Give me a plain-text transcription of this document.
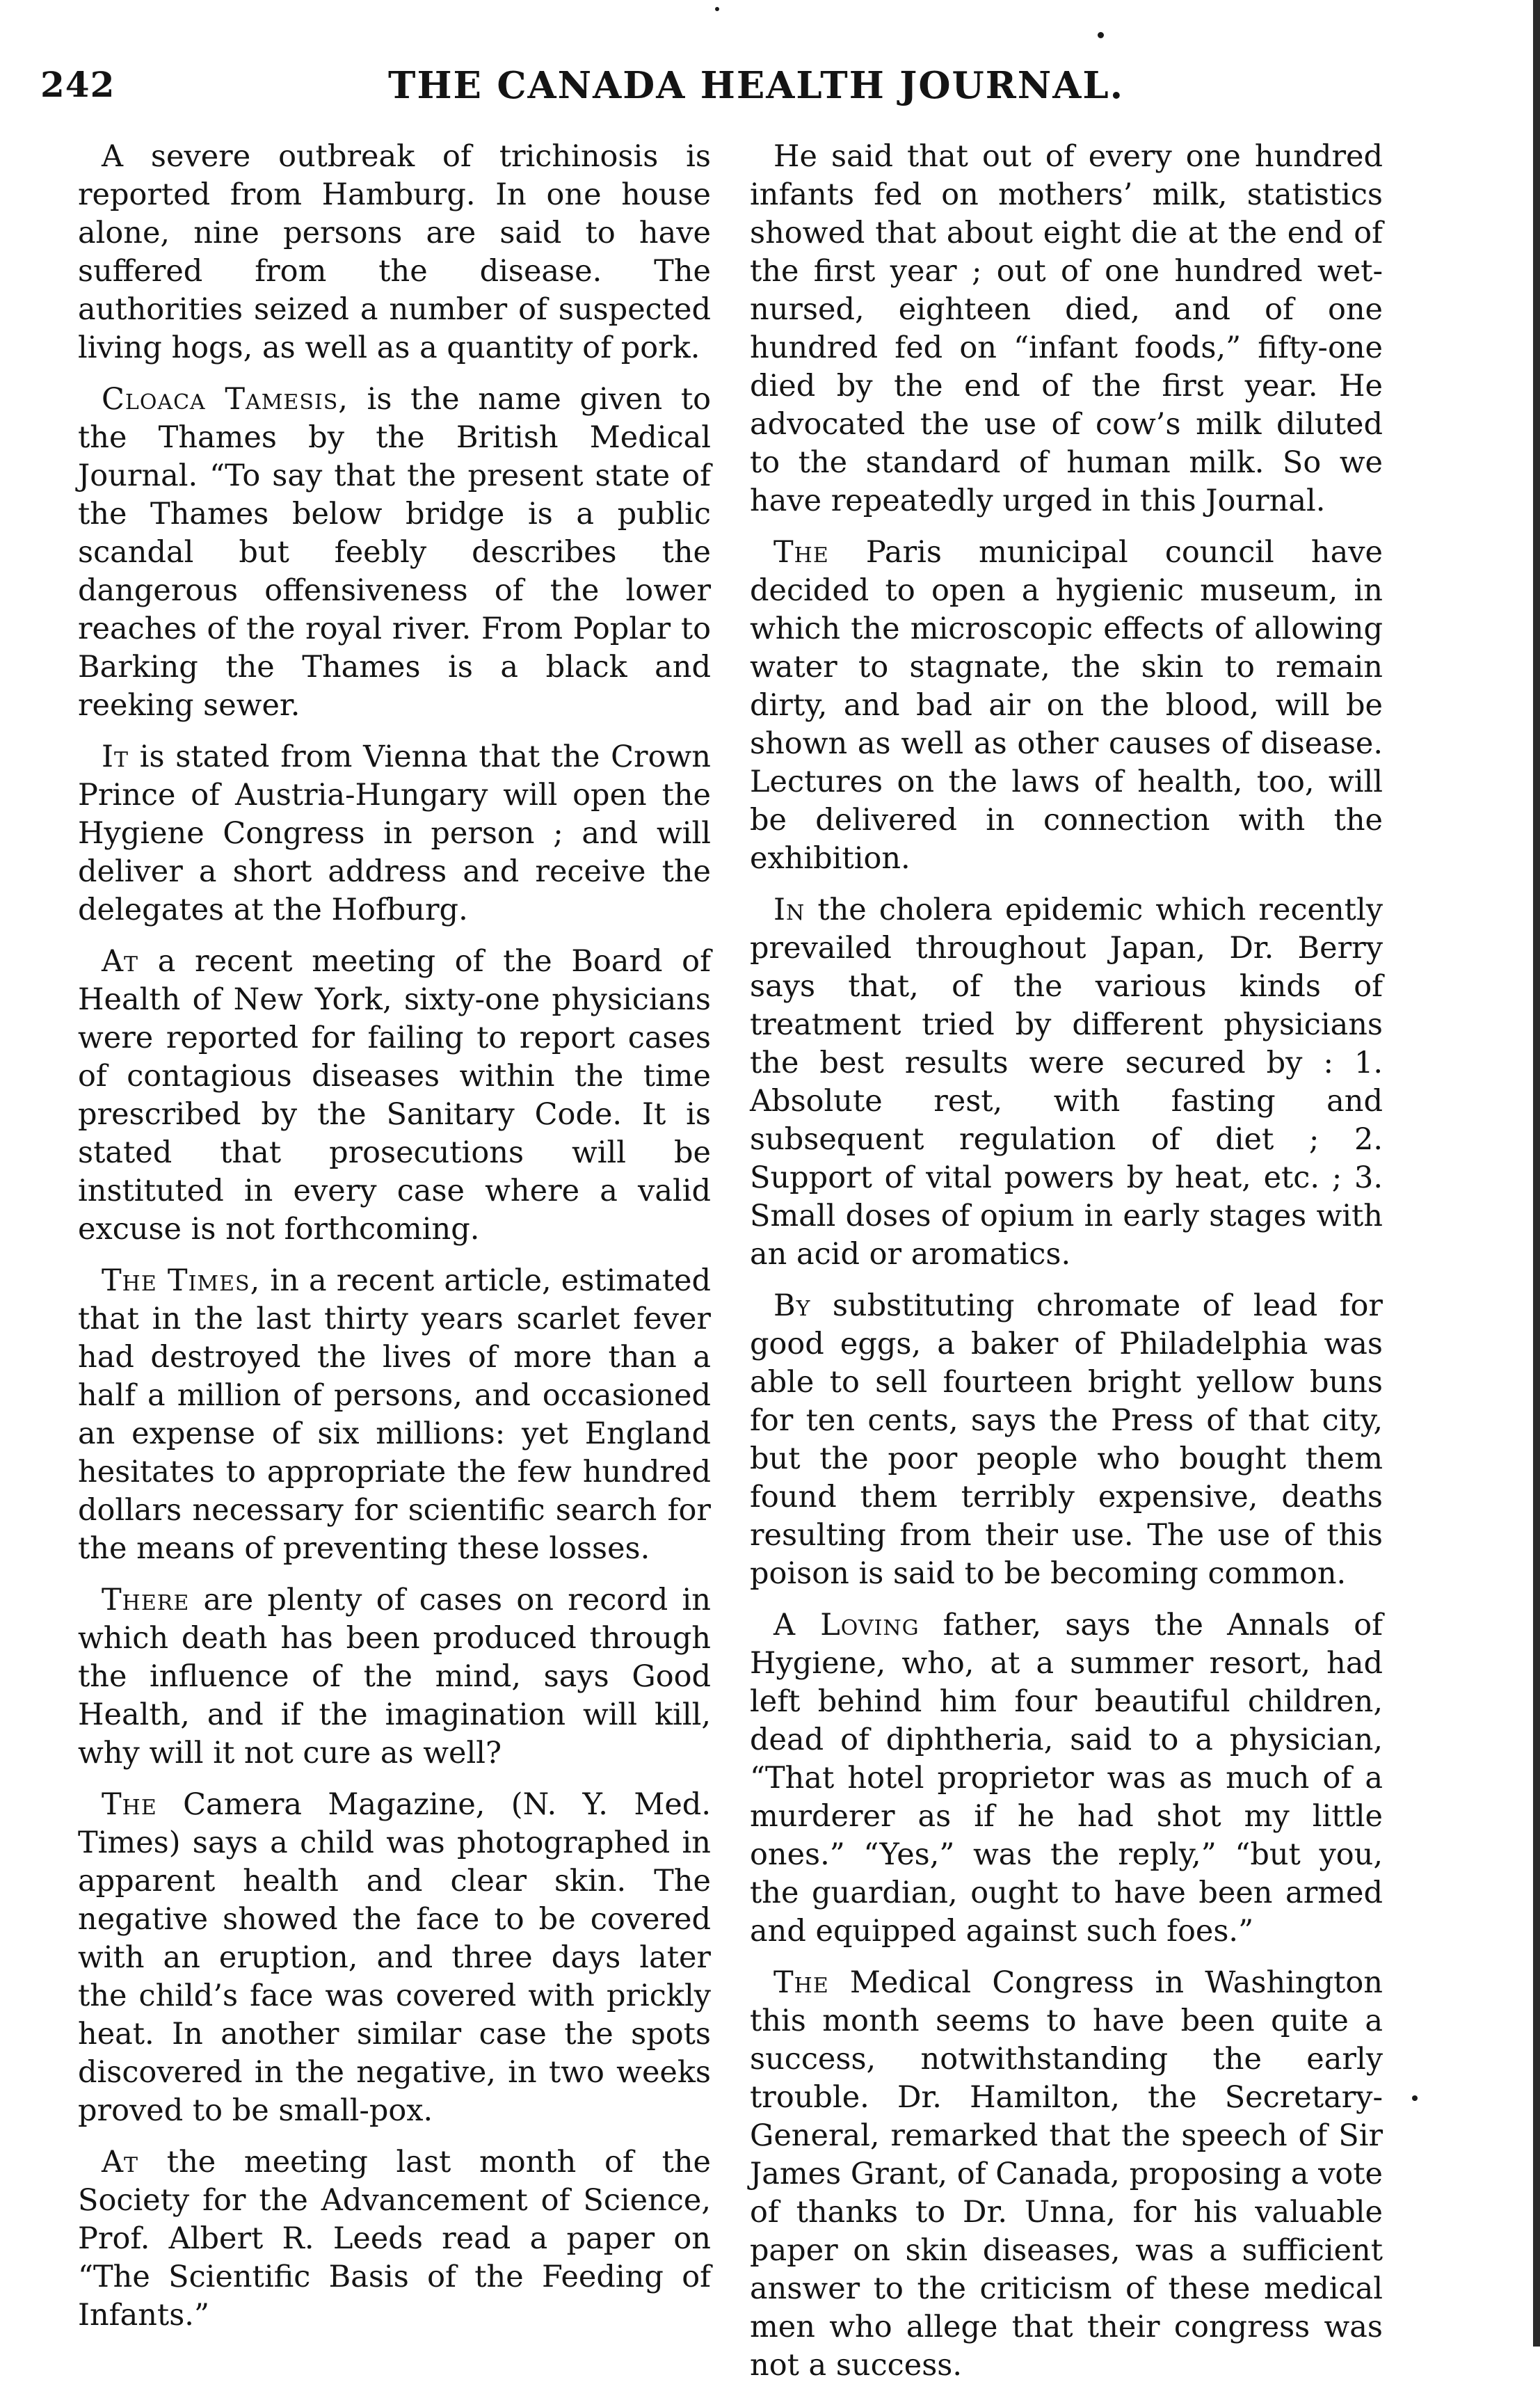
242	THE CANADA HEALTH JOURNAL.

A severe outbreak of trichinosis is reported from Hamburg. In one house alone, nine persons are said to have suffered from the disease. The authorities seized a number of suspected living hogs, as well as a quantity of pork.

Cloaca Tamesis, is the name given to the Thames by the British Medical Journal. “To say that the present state of the Thames below bridge is a public scandal but feebly describes the dangerous offensiveness of the lower reaches of the royal river. From Poplar to Barking the Thames is a black and reeking sewer.

It is stated from Vienna that the Crown Prince of Austria-Hungary will open the Hygiene Congress in person ; and will deliver a short address and receive the delegates at the Hofburg.

At a recent meeting of the Board of Health of New York, sixty-one physicians were reported for failing to report cases of contagious diseases within the time prescribed by the Sanitary Code. It is stated that prosecutions will be instituted in every case where a valid excuse is not forthcoming.

The Times, in a recent article, estimated that in the last thirty years scarlet fever had destroyed the lives of more than a half a million of persons, and occasioned an expense of six millions: yet England hesitates to appropriate the few hundred dollars necessary for scientific search for the means of preventing these losses.

There are plenty of cases on record in which death has been produced through the influence of the mind, says Good Health, and if the imagination will kill, why will it not cure as well?

The Camera Magazine, (N. Y. Med. Times) says a child was photographed in apparent health and clear skin. The negative showed the face to be covered with an eruption, and three days later the child’s face was covered with prickly heat. In another similar case the spots discovered in the negative, in two weeks proved to be small-pox.

At the meeting last month of the Society for the Advancement of Science, Prof. Albert R. Leeds read a paper on “The Scientific Basis of the Feeding of Infants.”

He said that out of every one hundred infants fed on mothers’ milk, statistics showed that about eight die at the end of the first year ; out of one hundred wet-nursed, eighteen died, and of one hundred fed on “infant foods,” fifty-one died by the end of the first year. He advocated the use of cow’s milk diluted to the standard of human milk. So we have repeatedly urged in this Journal.

The Paris municipal council have decided to open a hygienic museum, in which the microscopic effects of allowing water to stagnate, the skin to remain dirty, and bad air on the blood, will be shown as well as other causes of disease. Lectures on the laws of health, too, will be delivered in connection with the exhibition.

In the cholera epidemic which recently prevailed throughout Japan, Dr. Berry says that, of the various kinds of treatment tried by different physicians the best results were secured by : 1. Absolute rest, with fasting and subsequent regulation of diet ; 2. Support of vital powers by heat, etc. ; 3. Small doses of opium in early stages with an acid or aromatics.

By substituting chromate of lead for good eggs, a baker of Philadelphia was able to sell fourteen bright yellow buns for ten cents, says the Press of that city, but the poor people who bought them found them terribly expensive, deaths resulting from their use. The use of this poison is said to be becoming common.

A Loving father, says the Annals of Hygiene, who, at a summer resort, had left behind him four beautiful children, dead of diphtheria, said to a physician, “That hotel proprietor was as much of a murderer as if he had shot my little ones.” “Yes,” was the reply,” “but you, the guardian, ought to have been armed and equipped against such foes.”

The Medical Congress in Washington this month seems to have been quite a success, notwithstanding the early trouble. Dr. Hamilton, the Secretary-General, remarked that the speech of Sir James Grant, of Canada, proposing a vote of thanks to Dr. Unna, for his valuable paper on skin diseases, was a sufficient answer to the criticism of these medical men who allege that their congress was not a success.
